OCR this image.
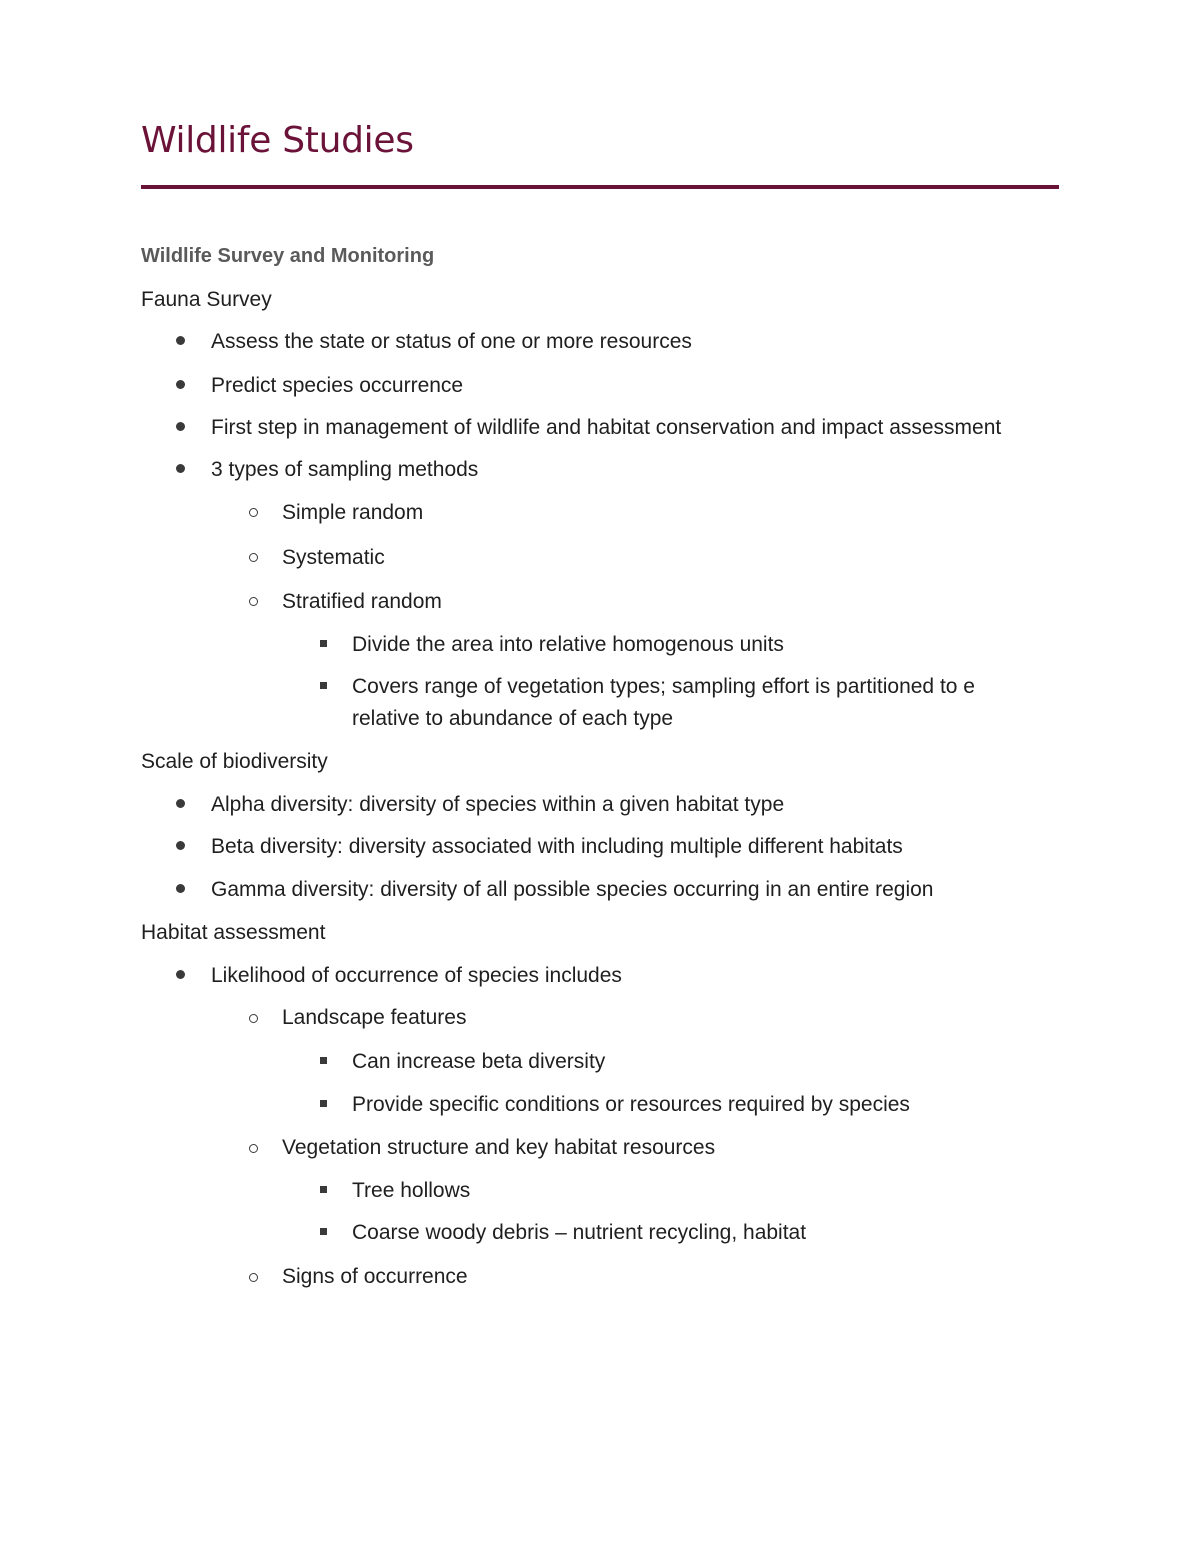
Wildlife Studies
Wildlife Survey and Monitoring
Fauna Survey
Assess the state or status of one or more resources
Predict species occurrence
First step in management of wildlife and habitat conservation and impact assessment
3 types of sampling methods
Simple random
Systematic
Stratified random
Divide the area into relative homogenous units
Covers range of vegetation types; sampling effort is partitioned to e
relative to abundance of each type
Scale of biodiversity
Alpha diversity: diversity of species within a given habitat type
Beta diversity: diversity associated with including multiple different habitats
Gamma diversity: diversity of all possible species occurring in an entire region
Habitat assessment
Likelihood of occurrence of species includes
Landscape features
Can increase beta diversity
Provide specific conditions or resources required by species
Vegetation structure and key habitat resources
Tree hollows
Coarse woody debris – nutrient recycling, habitat
Signs of occurrence
